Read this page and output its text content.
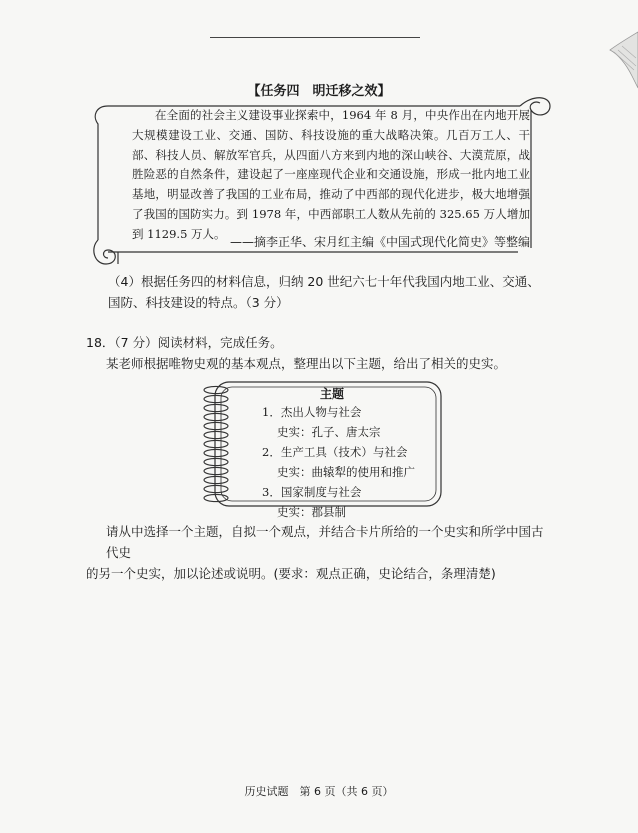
【任务四　明迁移之效】

在全面的社会主义建设事业探索中，1964 年 8 月，中央作出在内地开展大规模建设工业、交通、国防、科技设施的重大战略决策。几百万工人、干部、科技人员、解放军官兵，从四面八方来到内地的深山峡谷、大漠荒原，战胜险恶的自然条件，建设起了一座座现代企业和交通设施，形成一批内地工业基地，明显改善了我国的工业布局，推动了中西部的现代化进步，极大地增强了我国的国防实力。到 1978 年，中西部职工人数从先前的 325.65 万人增加到 1129.5 万人。

——摘李正华、宋月红主编《中国式现代化简史》等整编
（4）根据任务四的材料信息，归纳 20 世纪六七十年代我国内地工业、交通、国防、科技建设的特点。（3 分）
18．（7 分）阅读材料，完成任务。
某老师根据唯物史观的基本观点，整理出以下主题，给出了相关的史实。
主题
1．杰出人物与社会
史实：孔子、唐太宗
2．生产工具（技术）与社会
史实：曲辕犁的使用和推广
3．国家制度与社会
史实：郡县制

请从中选择一个主题，自拟一个观点，并结合卡片所给的一个史实和所学中国古代史

的另一个史实，加以论述或说明。(要求：观点正确，史论结合，条理清楚)

历史试题　第 6 页（共 6 页）
